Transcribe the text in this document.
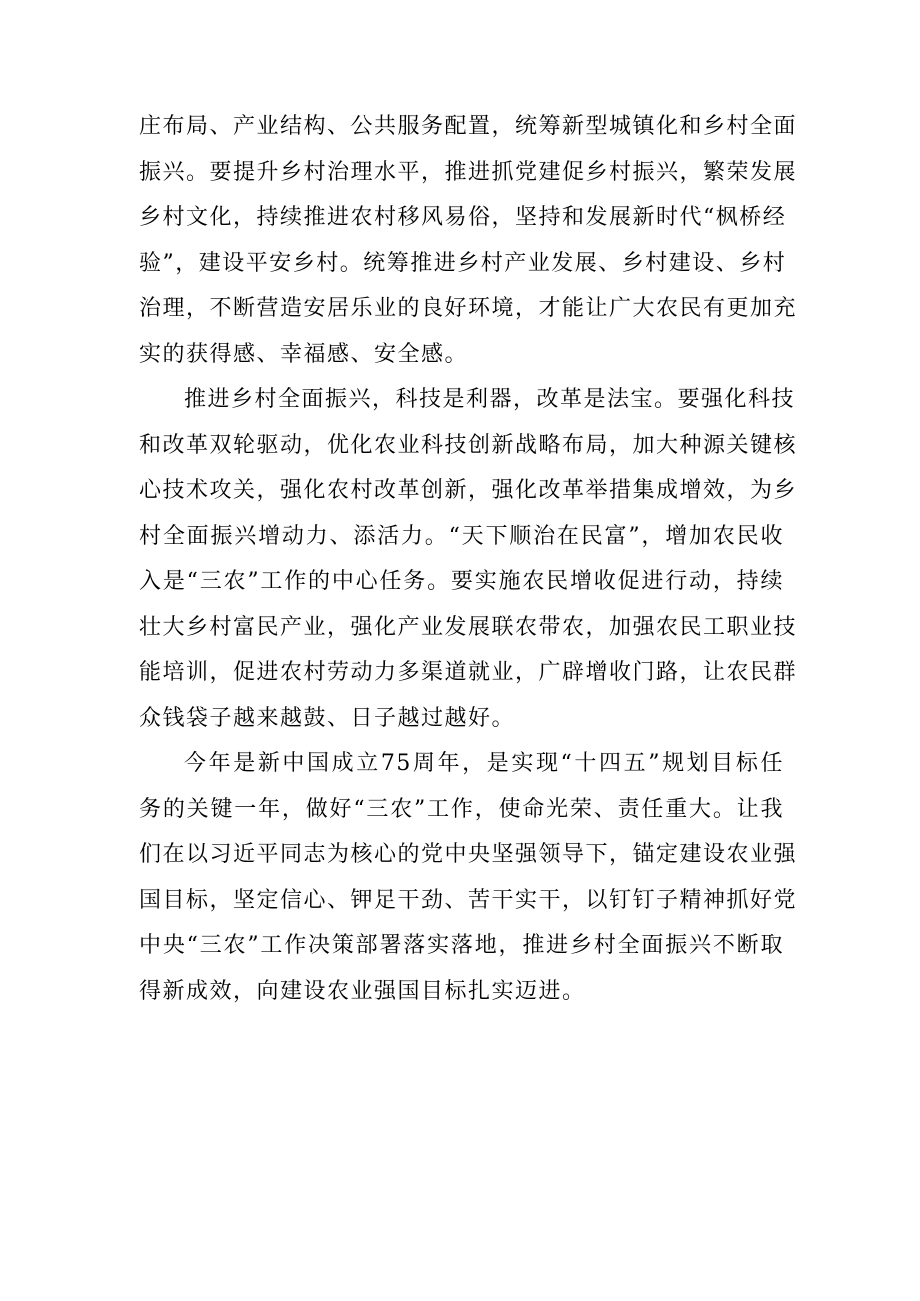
庄布局、产业结构、公共服务配置，统筹新型城镇化和乡村全面
振兴。要提升乡村治理水平，推进抓党建促乡村振兴，繁荣发展
乡村文化，持续推进农村移风易俗，坚持和发展新时代“枫桥经
验”，建设平安乡村。统筹推进乡村产业发展、乡村建设、乡村
治理，不断营造安居乐业的良好环境，才能让广大农民有更加充
实的获得感、幸福感、安全感。
推进乡村全面振兴，科技是利器，改革是法宝。要强化科技
和改革双轮驱动，优化农业科技创新战略布局，加大种源关键核
心技术攻关，强化农村改革创新，强化改革举措集成增效，为乡
村全面振兴增动力、添活力。“天下顺治在民富”，增加农民收
入是“三农”工作的中心任务。要实施农民增收促进行动，持续
壮大乡村富民产业，强化产业发展联农带农，加强农民工职业技
能培训，促进农村劳动力多渠道就业，广辟增收门路，让农民群
众钱袋子越来越鼓、日子越过越好。
今年是新中国成立75周年，是实现“十四五”规划目标任
务的关键一年，做好“三农”工作，使命光荣、责任重大。让我
们在以习近平同志为核心的党中央坚强领导下，锚定建设农业强
国目标，坚定信心、钾足干劲、苦干实干，以钉钉子精神抓好党
中央“三农”工作决策部署落实落地，推进乡村全面振兴不断取
得新成效，向建设农业强国目标扎实迈进。
